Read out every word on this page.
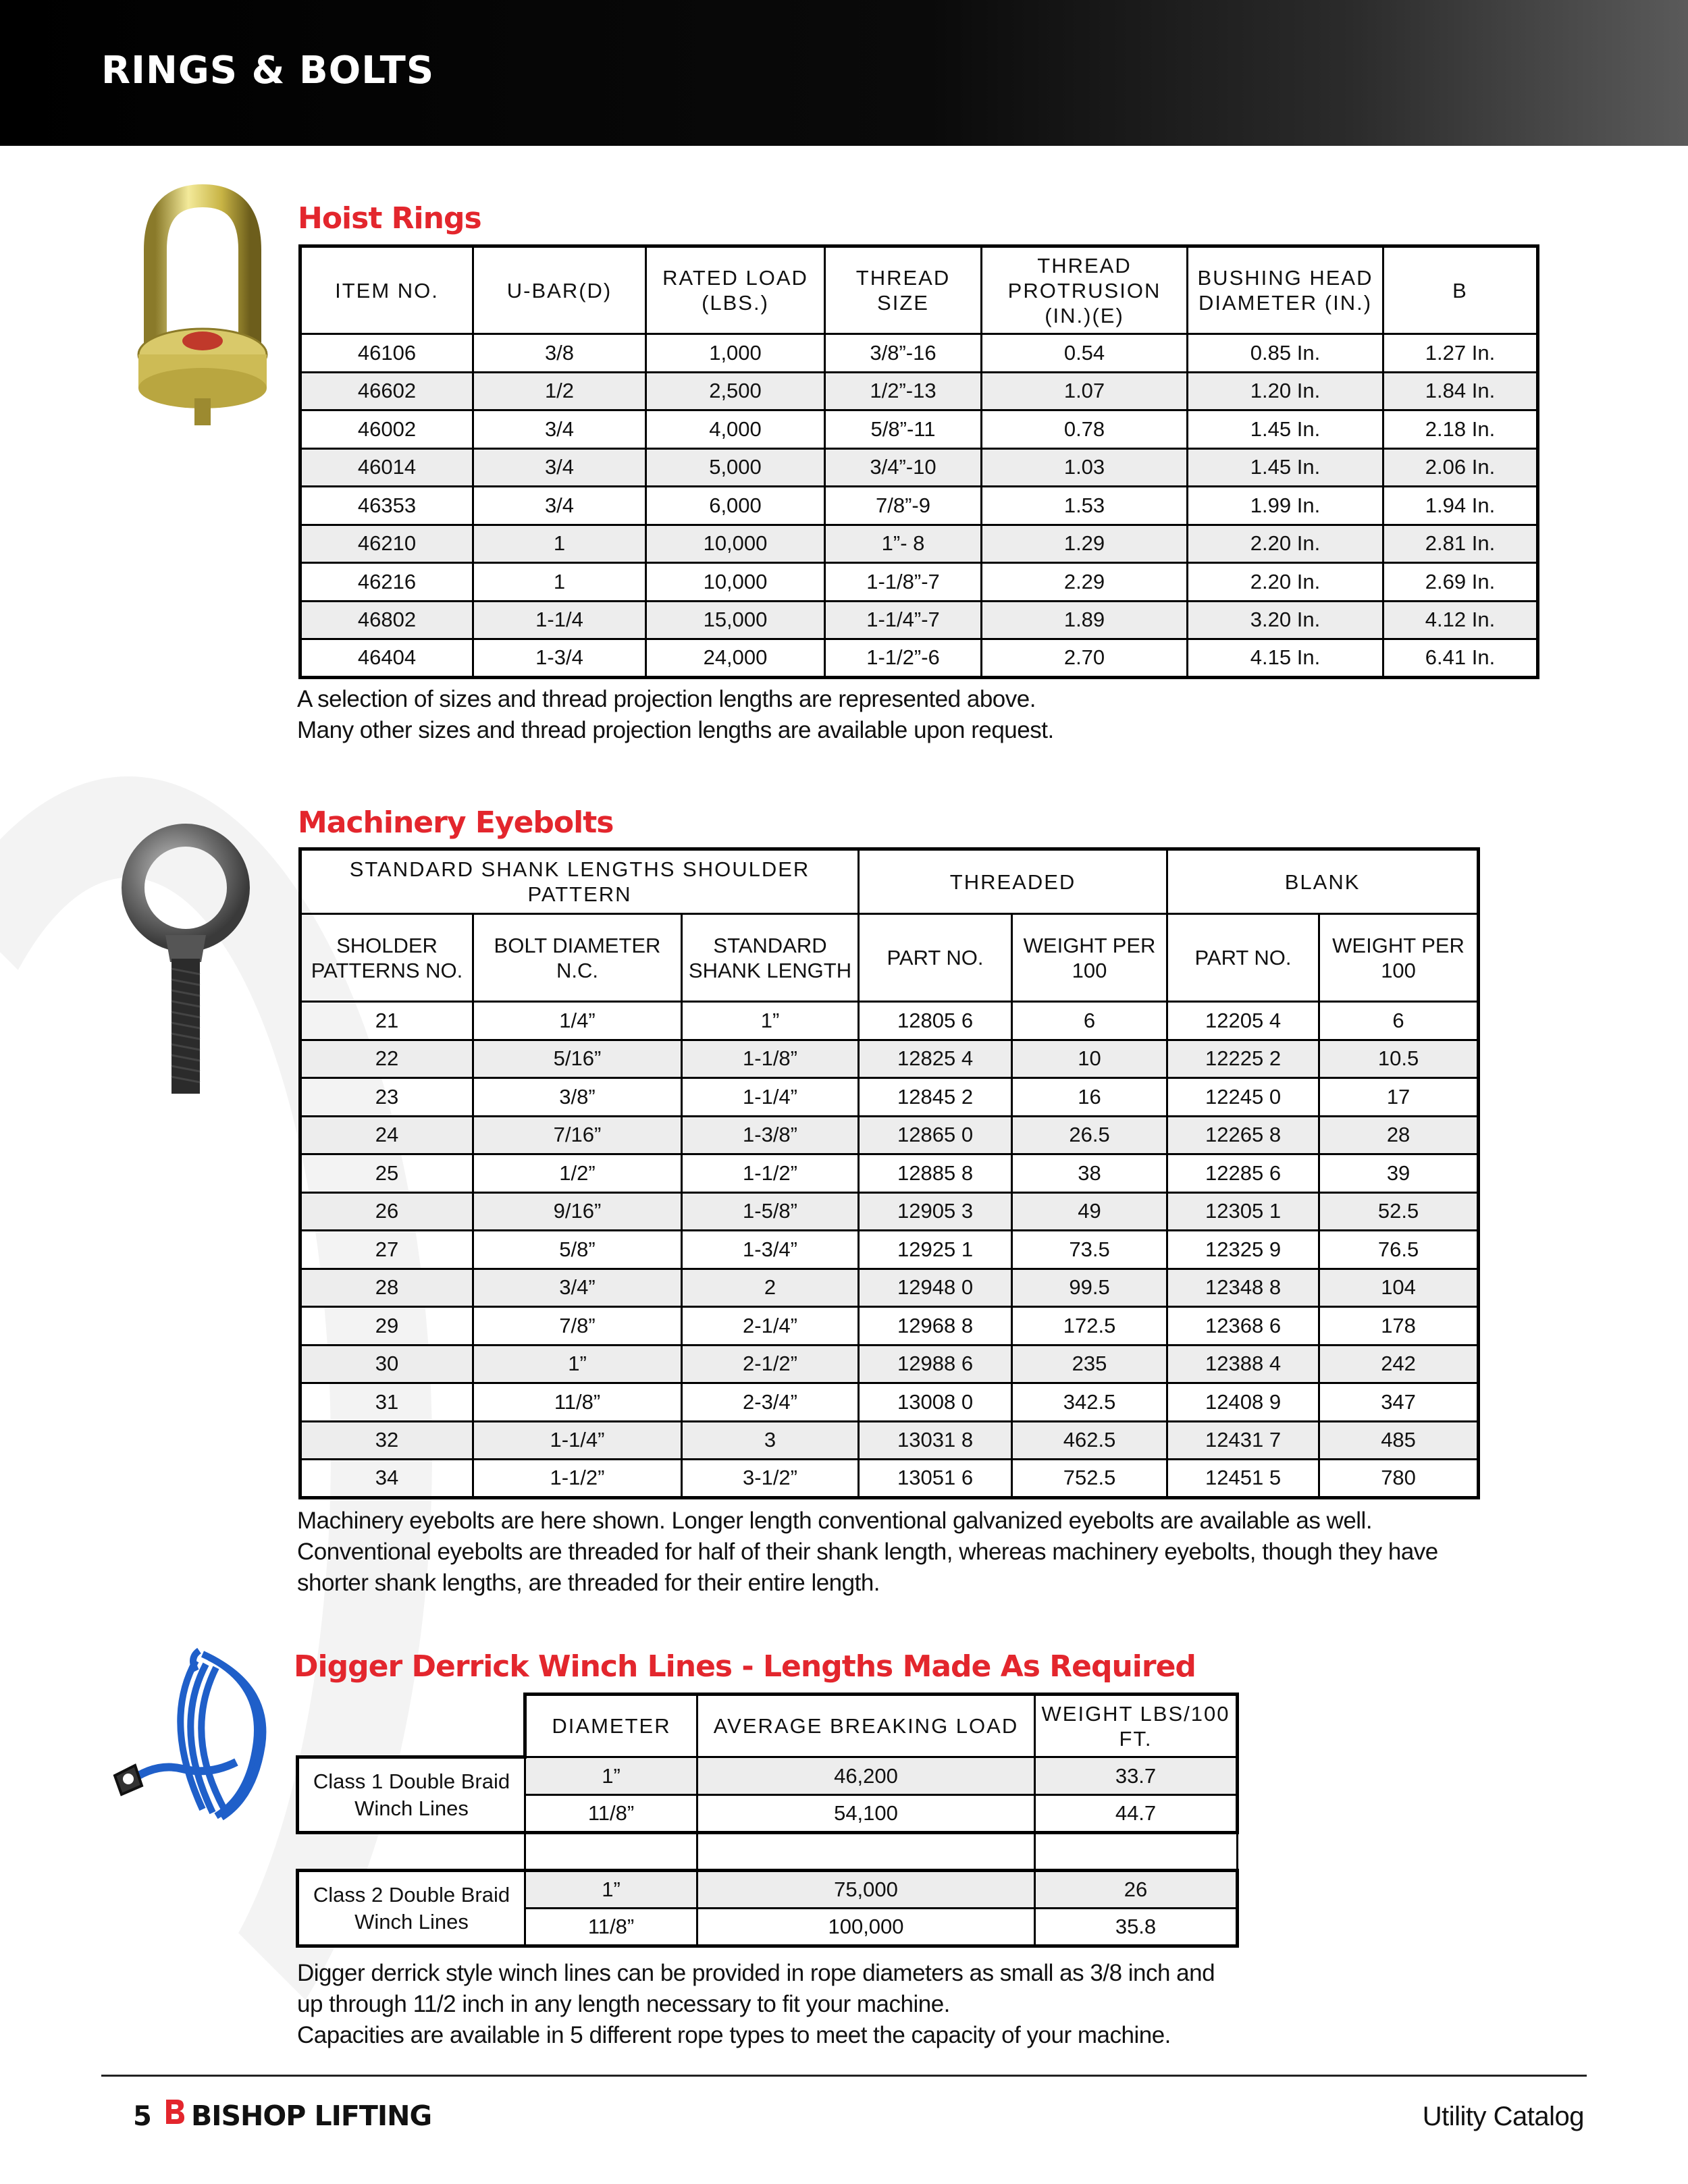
RINGS & BOLTS
Hoist Rings
ITEM NO.	U-BAR(D)	RATED LOAD (LBS.)	THREAD SIZE	THREAD PROTRUSION (IN.)(E)	BUSHING HEAD DIAMETER (IN.)	B
46106	3/8	1,000	3/8”-16	0.54	0.85 In.	1.27 In.
46602	1/2	2,500	1/2”-13	1.07	1.20 In.	1.84 In.
46002	3/4	4,000	5/8”-11	0.78	1.45 In.	2.18 In.
46014	3/4	5,000	3/4”-10	1.03	1.45 In.	2.06 In.
46353	3/4	6,000	7/8”-9	1.53	1.99 In.	1.94 In.
46210	1	10,000	1”- 8	1.29	2.20 In.	2.81 In.
46216	1	10,000	1-1/8”-7	2.29	2.20 In.	2.69 In.
46802	1-1/4	15,000	1-1/4”-7	1.89	3.20 In.	4.12 In.
46404	1-3/4	24,000	1-1/2”-6	2.70	4.15 In.	6.41 In.
A selection of sizes and thread projection lengths are represented above.
Many other sizes and thread projection lengths are available upon request.
Machinery Eyebolts
STANDARD SHANK LENGTHS SHOULDER PATTERN			THREADED		BLANK	
SHOLDER PATTERNS NO.	BOLT DIAMETER N.C.	STANDARD SHANK LENGTH	PART NO.	WEIGHT PER 100	PART NO.	WEIGHT PER 100
21	1/4”	1”	12805 6	6	12205 4	6
22	5/16”	1-1/8”	12825 4	10	12225 2	10.5
23	3/8”	1-1/4”	12845 2	16	12245 0	17
24	7/16”	1-3/8”	12865 0	26.5	12265 8	28
25	1/2”	1-1/2”	12885 8	38	12285 6	39
26	9/16”	1-5/8”	12905 3	49	12305 1	52.5
27	5/8”	1-3/4”	12925 1	73.5	12325 9	76.5
28	3/4”	2	12948 0	99.5	12348 8	104
29	7/8”	2-1/4”	12968 8	172.5	12368 6	178
30	1”	2-1/2”	12988 6	235	12388 4	242
31	11/8”	2-3/4”	13008 0	342.5	12408 9	347
32	1-1/4”	3	13031 8	462.5	12431 7	485
34	1-1/2”	3-1/2”	13051 6	752.5	12451 5	780
Machinery eyebolts are here shown. Longer length conventional galvanized eyebolts are available as well.
Conventional eyebolts are threaded for half of their shank length, whereas machinery eyebolts, though they have
shorter shank lengths, are threaded for their entire length.
Digger Derrick Winch Lines - Lengths Made As Required
	DIAMETER	AVERAGE BREAKING LOAD	WEIGHT LBS/100 FT.
Class 1 Double Braid Winch Lines	1”	46,200	33.7
	11/8”	54,100	44.7

Class 2 Double Braid Winch Lines	1”	75,000	26
	11/8”	100,000	35.8
Digger derrick style winch lines can be provided in rope diameters as small as 3/8 inch and
up through 11/2 inch in any length necessary to fit your machine.
Capacities are available in 5 different rope types to meet the capacity of your machine.
5 BISHOP LIFTING	Utility Catalog
